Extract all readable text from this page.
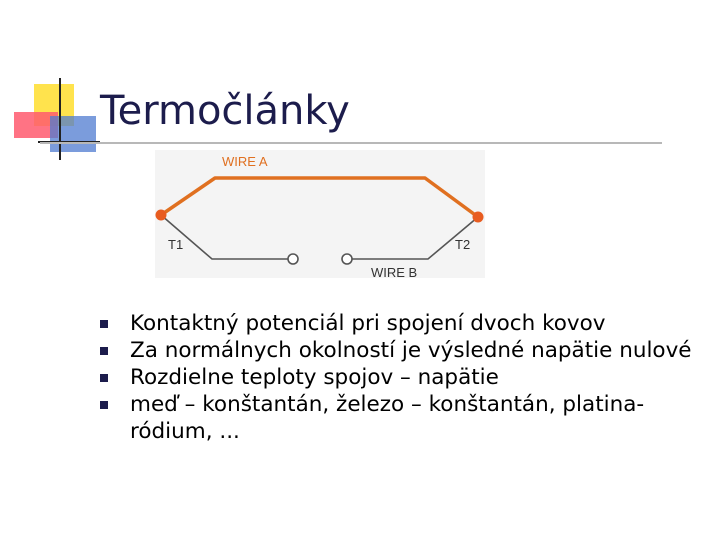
Termočlánky
WIRE A
WIRE B
T1	T2
Kontaktný potenciál pri spojení dvoch kovov
Za normálnych okolností je výsledné napätie nulové
Rozdielne teploty spojov – napätie
meď – konštantán, železo – konštantán, platina-ródium, ...
